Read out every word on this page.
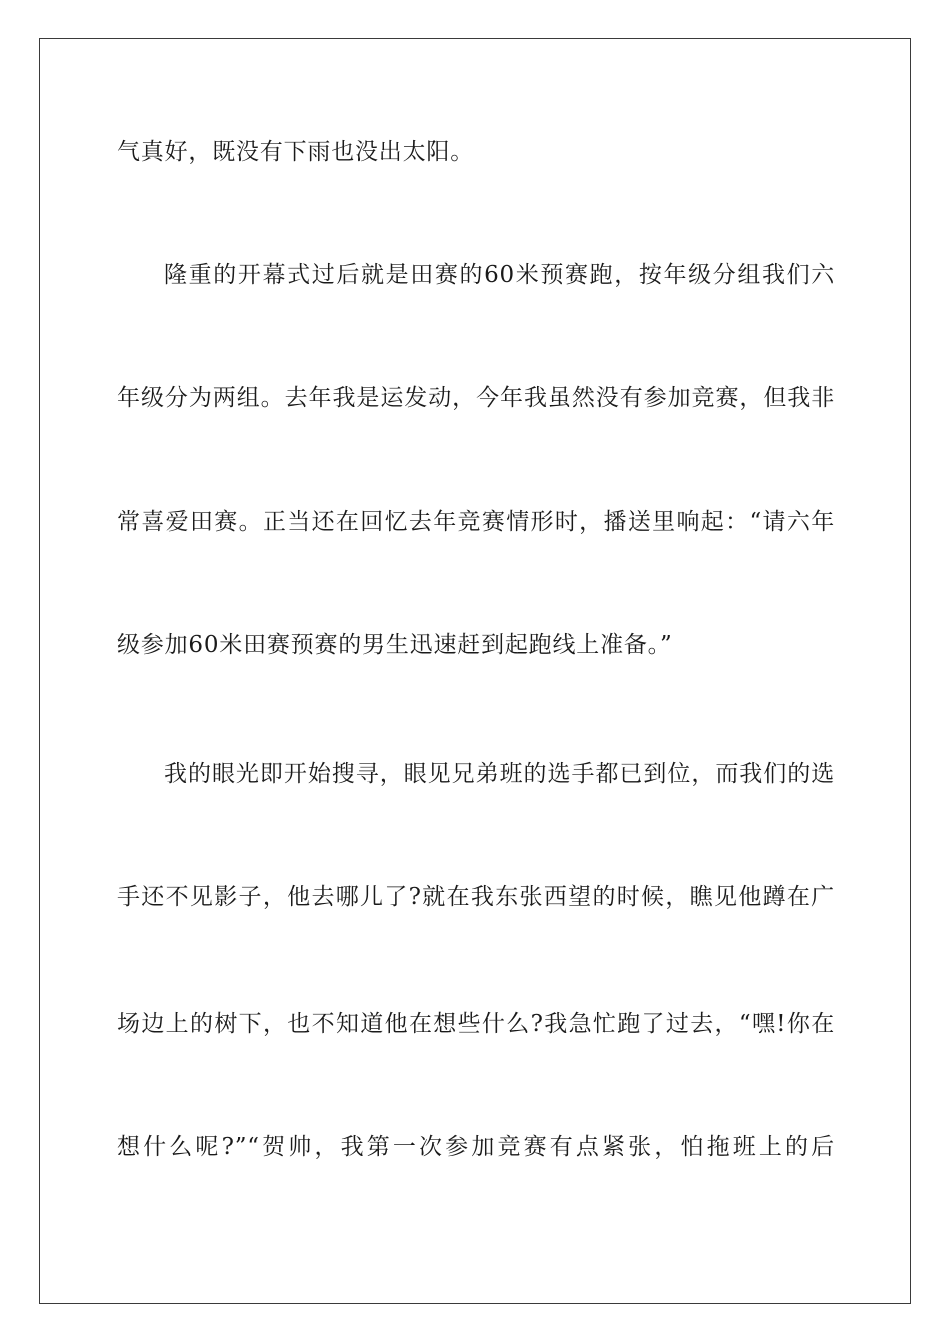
气真好，既没有下雨也没出太阳。
隆重的开幕式过后就是田赛的60米预赛跑，按年级分组我们六
年级分为两组。去年我是运发动，今年我虽然没有参加竞赛，但我非
常喜爱田赛。正当还在回忆去年竞赛情形时，播送里响起：“请六年
级参加60米田赛预赛的男生迅速赶到起跑线上准备。”
我的眼光即开始搜寻，眼见兄弟班的选手都已到位，而我们的选
手还不见影子，他去哪儿了?就在我东张西望的时候，瞧见他蹲在广
场边上的树下，也不知道他在想些什么?我急忙跑了过去，“嘿!你在
想什么呢?”“贺帅，我第一次参加竞赛有点紧张，怕拖班上的后
